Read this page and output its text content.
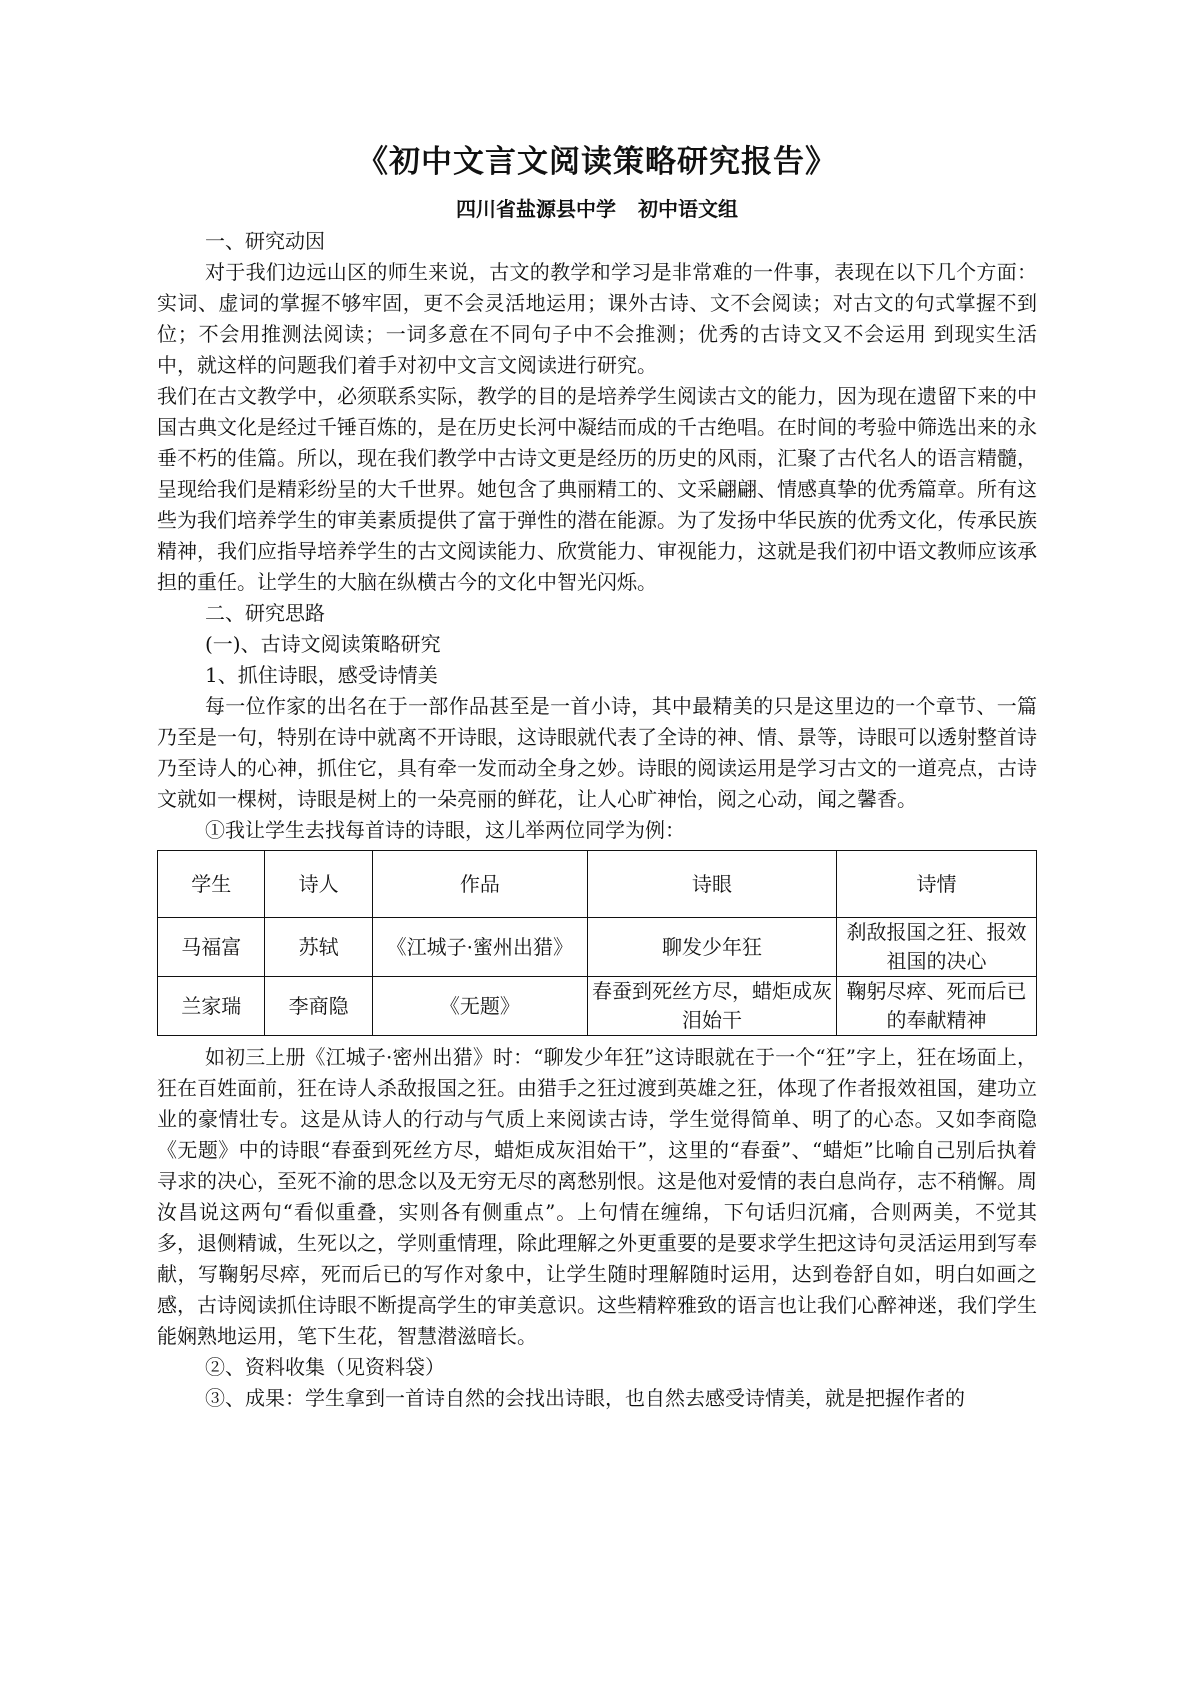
《初中文言文阅读策略研究报告》
四川省盐源县中学 初中语文组

一、研究动因

对于我们边远山区的师生来说，古文的教学和学习是非常难的一件事，表现在以下几个方面：实词、虚词的掌握不够牢固，更不会灵活地运用；课外古诗、文不会阅读；对古文的句式掌握不到位；不会用推测法阅读；一词多意在不同句子中不会推测；优秀的古诗文又不会运用 到现实生活中，就这样的问题我们着手对初中文言文阅读进行研究。

我们在古文教学中，必须联系实际，教学的目的是培养学生阅读古文的能力，因为现在遗留下来的中国古典文化是经过千锤百炼的，是在历史长河中凝结而成的千古绝唱。在时间的考验中筛选出来的永垂不朽的佳篇。所以，现在我们教学中古诗文更是经历的历史的风雨，汇聚了古代名人的语言精髓，呈现给我们是精彩纷呈的大千世界。她包含了典丽精工的、文采翩翩、情感真挚的优秀篇章。所有这些为我们培养学生的审美素质提供了富于弹性的潜在能源。为了发扬中华民族的优秀文化，传承民族精神，我们应指导培养学生的古文阅读能力、欣赏能力、审视能力，这就是我们初中语文教师应该承担的重任。让学生的大脑在纵横古今的文化中智光闪烁。

二、研究思路

(一)、古诗文阅读策略研究

1、抓住诗眼，感受诗情美

每一位作家的出名在于一部作品甚至是一首小诗，其中最精美的只是这里边的一个章节、一篇乃至是一句，特别在诗中就离不开诗眼，这诗眼就代表了全诗的神、情、景等，诗眼可以透射整首诗乃至诗人的心神，抓住它，具有牵一发而动全身之妙。诗眼的阅读运用是学习古文的一道亮点，古诗文就如一棵树，诗眼是树上的一朵亮丽的鲜花，让人心旷神怡，阅之心动，闻之馨香。

①我让学生去找每首诗的诗眼，这儿举两位同学为例：

学生	诗人	作品	诗眼	诗情
马福富	苏轼	《江城子·蜜州出猎》	聊发少年狂	刹敌报国之狂、报效祖国的决心
兰家瑞	李商隐	《无题》	春蚕到死丝方尽，蜡炬成灰泪始干	鞠躬尽瘁、死而后已的奉献精神

如初三上册《江城子·密州出猎》时：“聊发少年狂”这诗眼就在于一个“狂”字上，狂在场面上，狂在百姓面前，狂在诗人杀敌报国之狂。由猎手之狂过渡到英雄之狂，体现了作者报效祖国，建功立业的豪情壮专。这是从诗人的行动与气质上来阅读古诗，学生觉得简单、明了的心态。又如李商隐《无题》中的诗眼“春蚕到死丝方尽，蜡炬成灰泪始干”，这里的“春蚕”、“蜡炬”比喻自己别后执着寻求的决心，至死不渝的思念以及无穷无尽的离愁别恨。这是他对爱情的表白息尚存，志不稍懈。周汝昌说这两句“看似重叠，实则各有侧重点”。上句情在缠绵，下句话归沉痛，合则两美，不觉其多，退侧精诚，生死以之，学则重情理，除此理解之外更重要的是要求学生把这诗句灵活运用到写奉献，写鞠躬尽瘁，死而后已的写作对象中，让学生随时理解随时运用，达到卷舒自如，明白如画之感，古诗阅读抓住诗眼不断提高学生的审美意识。这些精粹雅致的语言也让我们心醉神迷，我们学生能娴熟地运用，笔下生花，智慧潜滋暗长。

②、资料收集（见资料袋）

③、成果：学生拿到一首诗自然的会找出诗眼，也自然去感受诗情美，就是把握作者的
